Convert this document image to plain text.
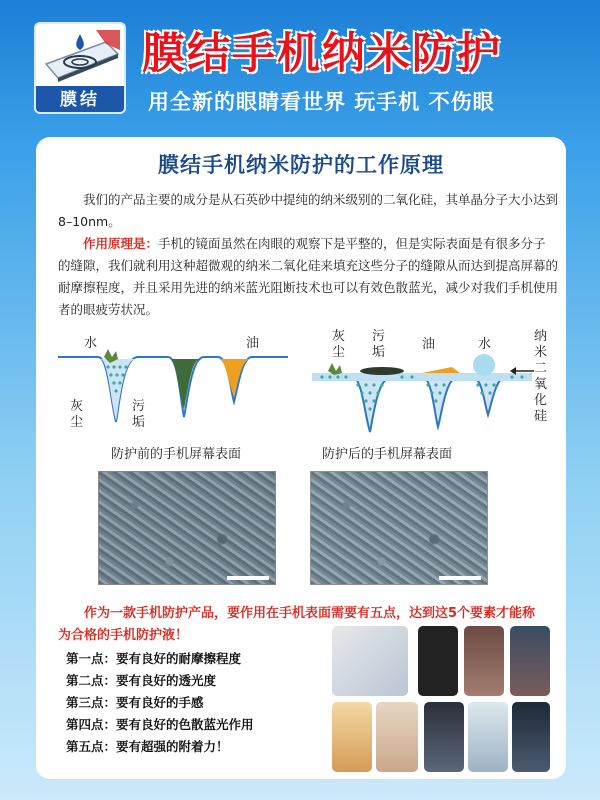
膜结
膜结手机纳米防护
用全新的眼睛看世界 玩手机 不伤眼
膜结手机纳米防护的工作原理
我们的产品主要的成分是从石英砂中提纯的纳米级别的二氧化硅，其单晶分子大小达到8–10nm。
作用原理是：手机的镜面虽然在肉眼的观察下是平整的，但是实际表面是有很多分子的缝隙，我们就利用这种超微观的纳米二氧化硅来填充这些分子的缝隙从而达到提高屏幕的耐摩擦程度，并且采用先进的纳米蓝光阻断技术也可以有效色散蓝光，减少对我们手机使用者的眼疲劳状况。
水	油
灰尘
污垢
防护前的手机屏幕表面
灰尘
污垢
油	水
纳米二氧化硅
防护后的手机屏幕表面
作为一款手机防护产品，要作用在手机表面需要有五点，达到这5个要素才能称为合格的手机防护液！
第一点：要有良好的耐摩擦程度
第二点：要有良好的透光度
第三点：要有良好的手感
第四点：要有良好的色散蓝光作用
第五点：要有超强的附着力！
